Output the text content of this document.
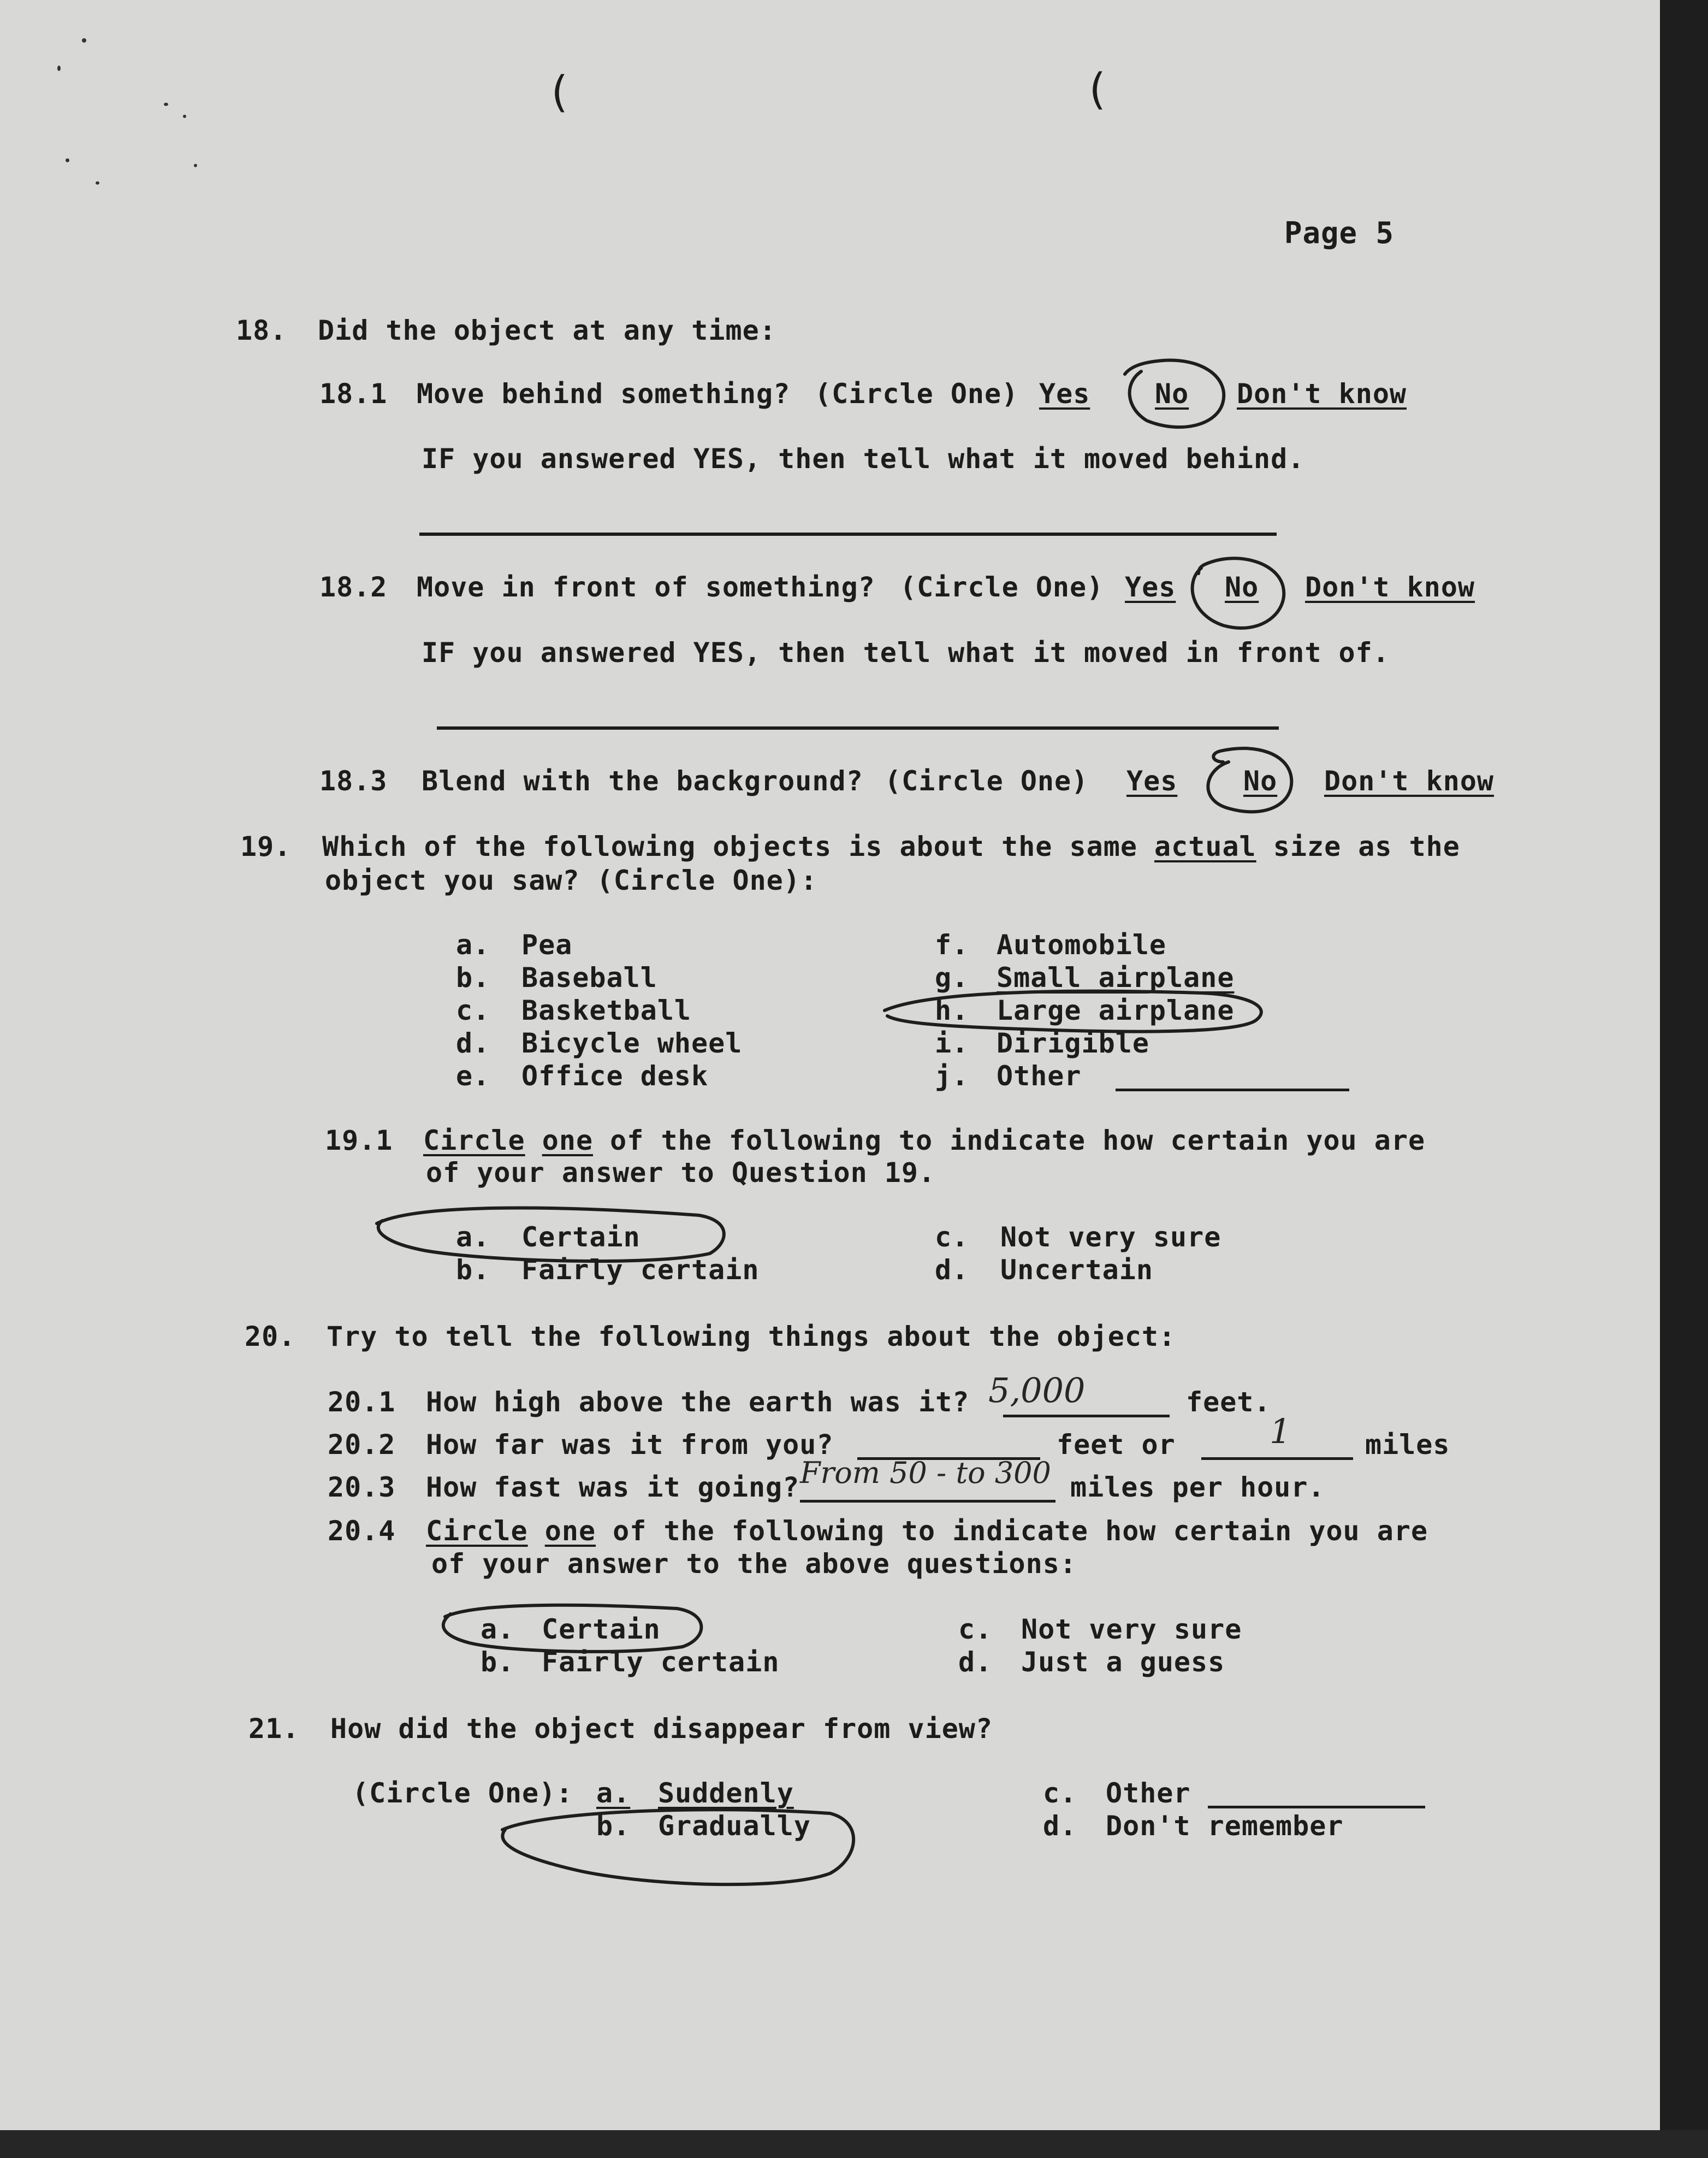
(	(
Page 5
18. Did the object at any time:
18.1 Move behind something? (Circle One) Yes No Don't know
IF you answered YES, then tell what it moved behind.
18.2 Move in front of something? (Circle One) Yes No Don't know
IF you answered YES, then tell what it moved in front of.
18.3 Blend with the background? (Circle One) Yes No Don't know
19. Which of the following objects is about the same actual size as the
object you saw? (Circle One):
a. Pea
b. Baseball
c. Basketball
d. Bicycle wheel
e. Office desk
f. Automobile
g. Small airplane
h. Large airplane
i. Dirigible
j. Other
19.1 Circle one of the following to indicate how certain you are
of your answer to Question 19.
a. Certain
b. Fairly certain
c. Not very sure
d. Uncertain
20. Try to tell the following things about the object:
20.1 How high above the earth was it? 5,000	feet.
20.2 How far was it from you?	feet or	1	miles
20.3 How fast was it going? From 50 - to 300 miles per hour.
20.4 Circle one of the following to indicate how certain you are
of your answer to the above questions:
a. Certain
b. Fairly certain
c. Not very sure
d. Just a guess
21. How did the object disappear from view?
(Circle One): a. Suddenly
b. Gradually
c. Other
d. Don't remember
